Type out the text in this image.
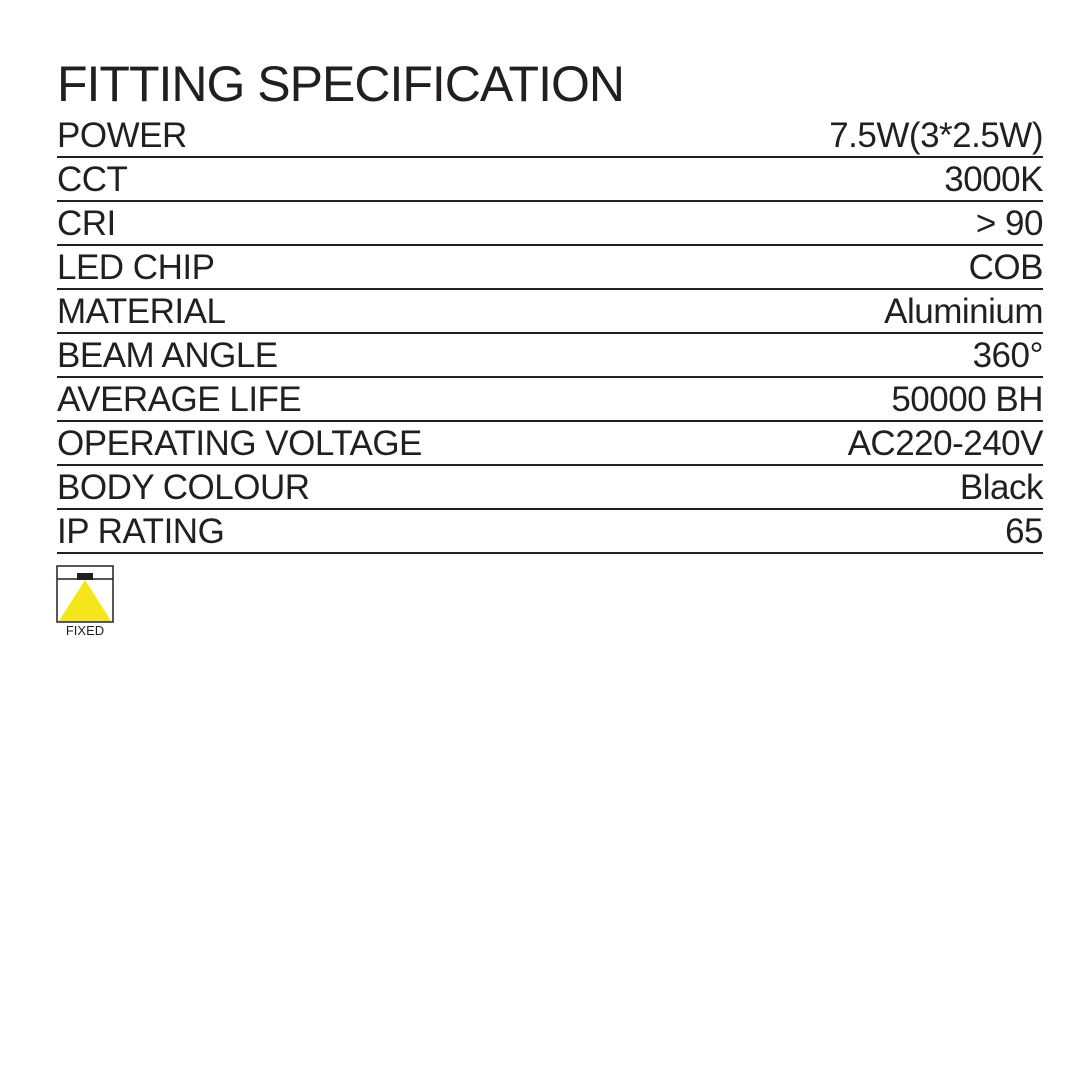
FITTING SPECIFICATION
POWER	7.5W(3*2.5W)
CCT	3000K
CRI	> 90
LED CHIP	COB
MATERIAL	Aluminium
BEAM ANGLE	360°
AVERAGE LIFE	50000 BH
OPERATING VOLTAGE	AC220-240V
BODY COLOUR	Black
IP RATING	65
FIXED
